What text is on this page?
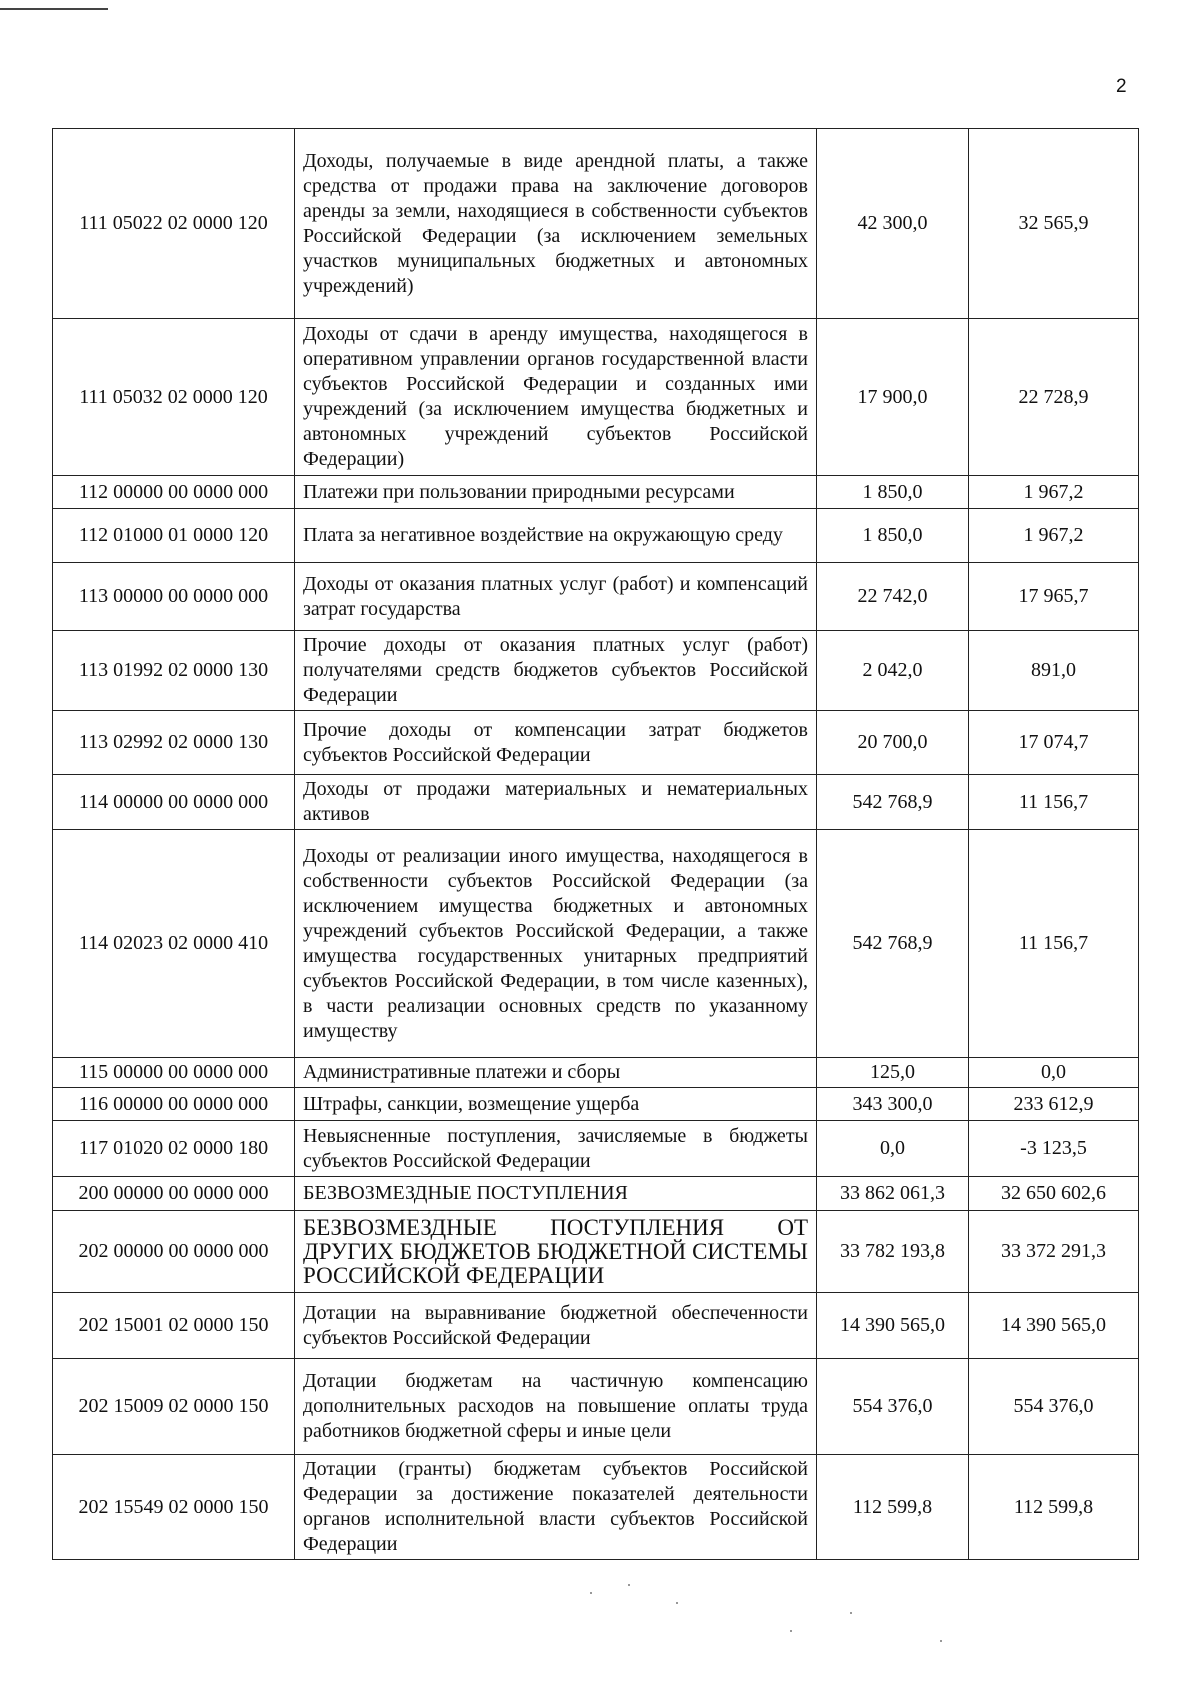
2
111 05022 02 0000 120	Доходы, получаемые в виде арендной платы, а также средства от продажи права на заключение договоров аренды за земли, находящиеся в собственности субъектов Российской Федерации (за исключением земельных участков муниципальных бюджетных и автономных учреждений)	42 300,0	32 565,9
111 05032 02 0000 120	Доходы от сдачи в аренду имущества, находящегося в оперативном управлении органов государственной власти субъектов Российской Федерации и созданных ими учреждений (за исключением имущества бюджетных и автономных учреждений субъектов Российской Федерации)	17 900,0	22 728,9
112 00000 00 0000 000	Платежи при пользовании природными ресурсами	1 850,0	1 967,2
112 01000 01 0000 120	Плата за негативное воздействие на окружающую среду	1 850,0	1 967,2
113 00000 00 0000 000	Доходы от оказания платных услуг (работ) и компенсаций затрат государства	22 742,0	17 965,7
113 01992 02 0000 130	Прочие доходы от оказания платных услуг (работ) получателями средств бюджетов субъектов Российской Федерации	2 042,0	891,0
113 02992 02 0000 130	Прочие доходы от компенсации затрат бюджетов субъектов Российской Федерации	20 700,0	17 074,7
114 00000 00 0000 000	Доходы от продажи материальных и нематериальных активов	542 768,9	11 156,7
114 02023 02 0000 410	Доходы от реализации иного имущества, находящегося в собственности субъектов Российской Федерации (за исключением имущества бюджетных и автономных учреждений субъектов Российской Федерации, а также имущества государственных унитарных предприятий субъектов Российской Федерации, в том числе казенных), в части реализации основных средств по указанному имуществу	542 768,9	11 156,7
115 00000 00 0000 000	Административные платежи и сборы	125,0	0,0
116 00000 00 0000 000	Штрафы, санкции, возмещение ущерба	343 300,0	233 612,9
117 01020 02 0000 180	Невыясненные поступления, зачисляемые в бюджеты субъектов Российской Федерации	0,0	-3 123,5
200 00000 00 0000 000	БЕЗВОЗМЕЗДНЫЕ ПОСТУПЛЕНИЯ	33 862 061,3	32 650 602,6
202 00000 00 0000 000	БЕЗВОЗМЕЗДНЫЕ ПОСТУПЛЕНИЯ ОТ ДРУГИХ БЮДЖЕТОВ БЮДЖЕТНОЙ СИСТЕМЫ РОССИЙСКОЙ ФЕДЕРАЦИИ	33 782 193,8	33 372 291,3
202 15001 02 0000 150	Дотации на выравнивание бюджетной обеспеченности субъектов Российской Федерации	14 390 565,0	14 390 565,0
202 15009 02 0000 150	Дотации бюджетам на частичную компенсацию дополнительных расходов на повышение оплаты труда работников бюджетной сферы и иные цели	554 376,0	554 376,0
202 15549 02 0000 150	Дотации (гранты) бюджетам субъектов Российской Федерации за достижение показателей деятельности органов исполнительной власти субъектов Российской Федерации	112 599,8	112 599,8
